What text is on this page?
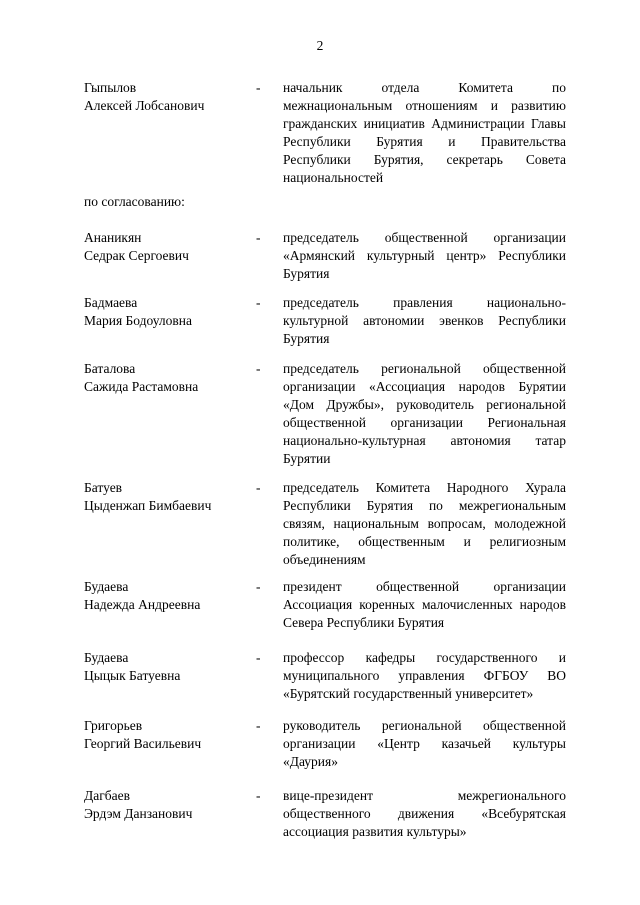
2
Гыпылов
Алексей Лобсанович
- начальник отдела Комитета по межнациональным отношениям и развитию гражданских инициатив Администрации Главы Республики Бурятия и Правительства Республики Бурятия, секретарь Совета национальностей
по согласованию:
Ананикян
Седрак Сергоевич
- председатель общественной организации «Армянский культурный центр» Республики Бурятия
Бадмаева
Мария Бодоуловна
- председатель правления национально-культурной автономии эвенков Республики Бурятия
Баталова
Сажида Растамовна
- председатель региональной общественной организации «Ассоциация народов Бурятии «Дом Дружбы», руководитель региональной общественной организации Региональная национально-культурная автономия татар Бурятии
Батуев
Цыденжап Бимбаевич
- председатель Комитета Народного Хурала Республики Бурятия по межрегиональным связям, национальным вопросам, молодежной политике, общественным и религиозным объединениям
Будаева
Надежда Андреевна
- президент общественной организации Ассоциация коренных малочисленных народов Севера Республики Бурятия
Будаева
Цыцык Батуевна
- профессор кафедры государственного и муниципального управления ФГБОУ ВО «Бурятский государственный университет»
Григорьев
Георгий Васильевич
- руководитель региональной общественной организации «Центр казачьей культуры «Даурия»
Дагбаев
Эрдэм Данзанович
- вице-президент межрегионального общественного движения «Всебурятская ассоциация развития культуры»
